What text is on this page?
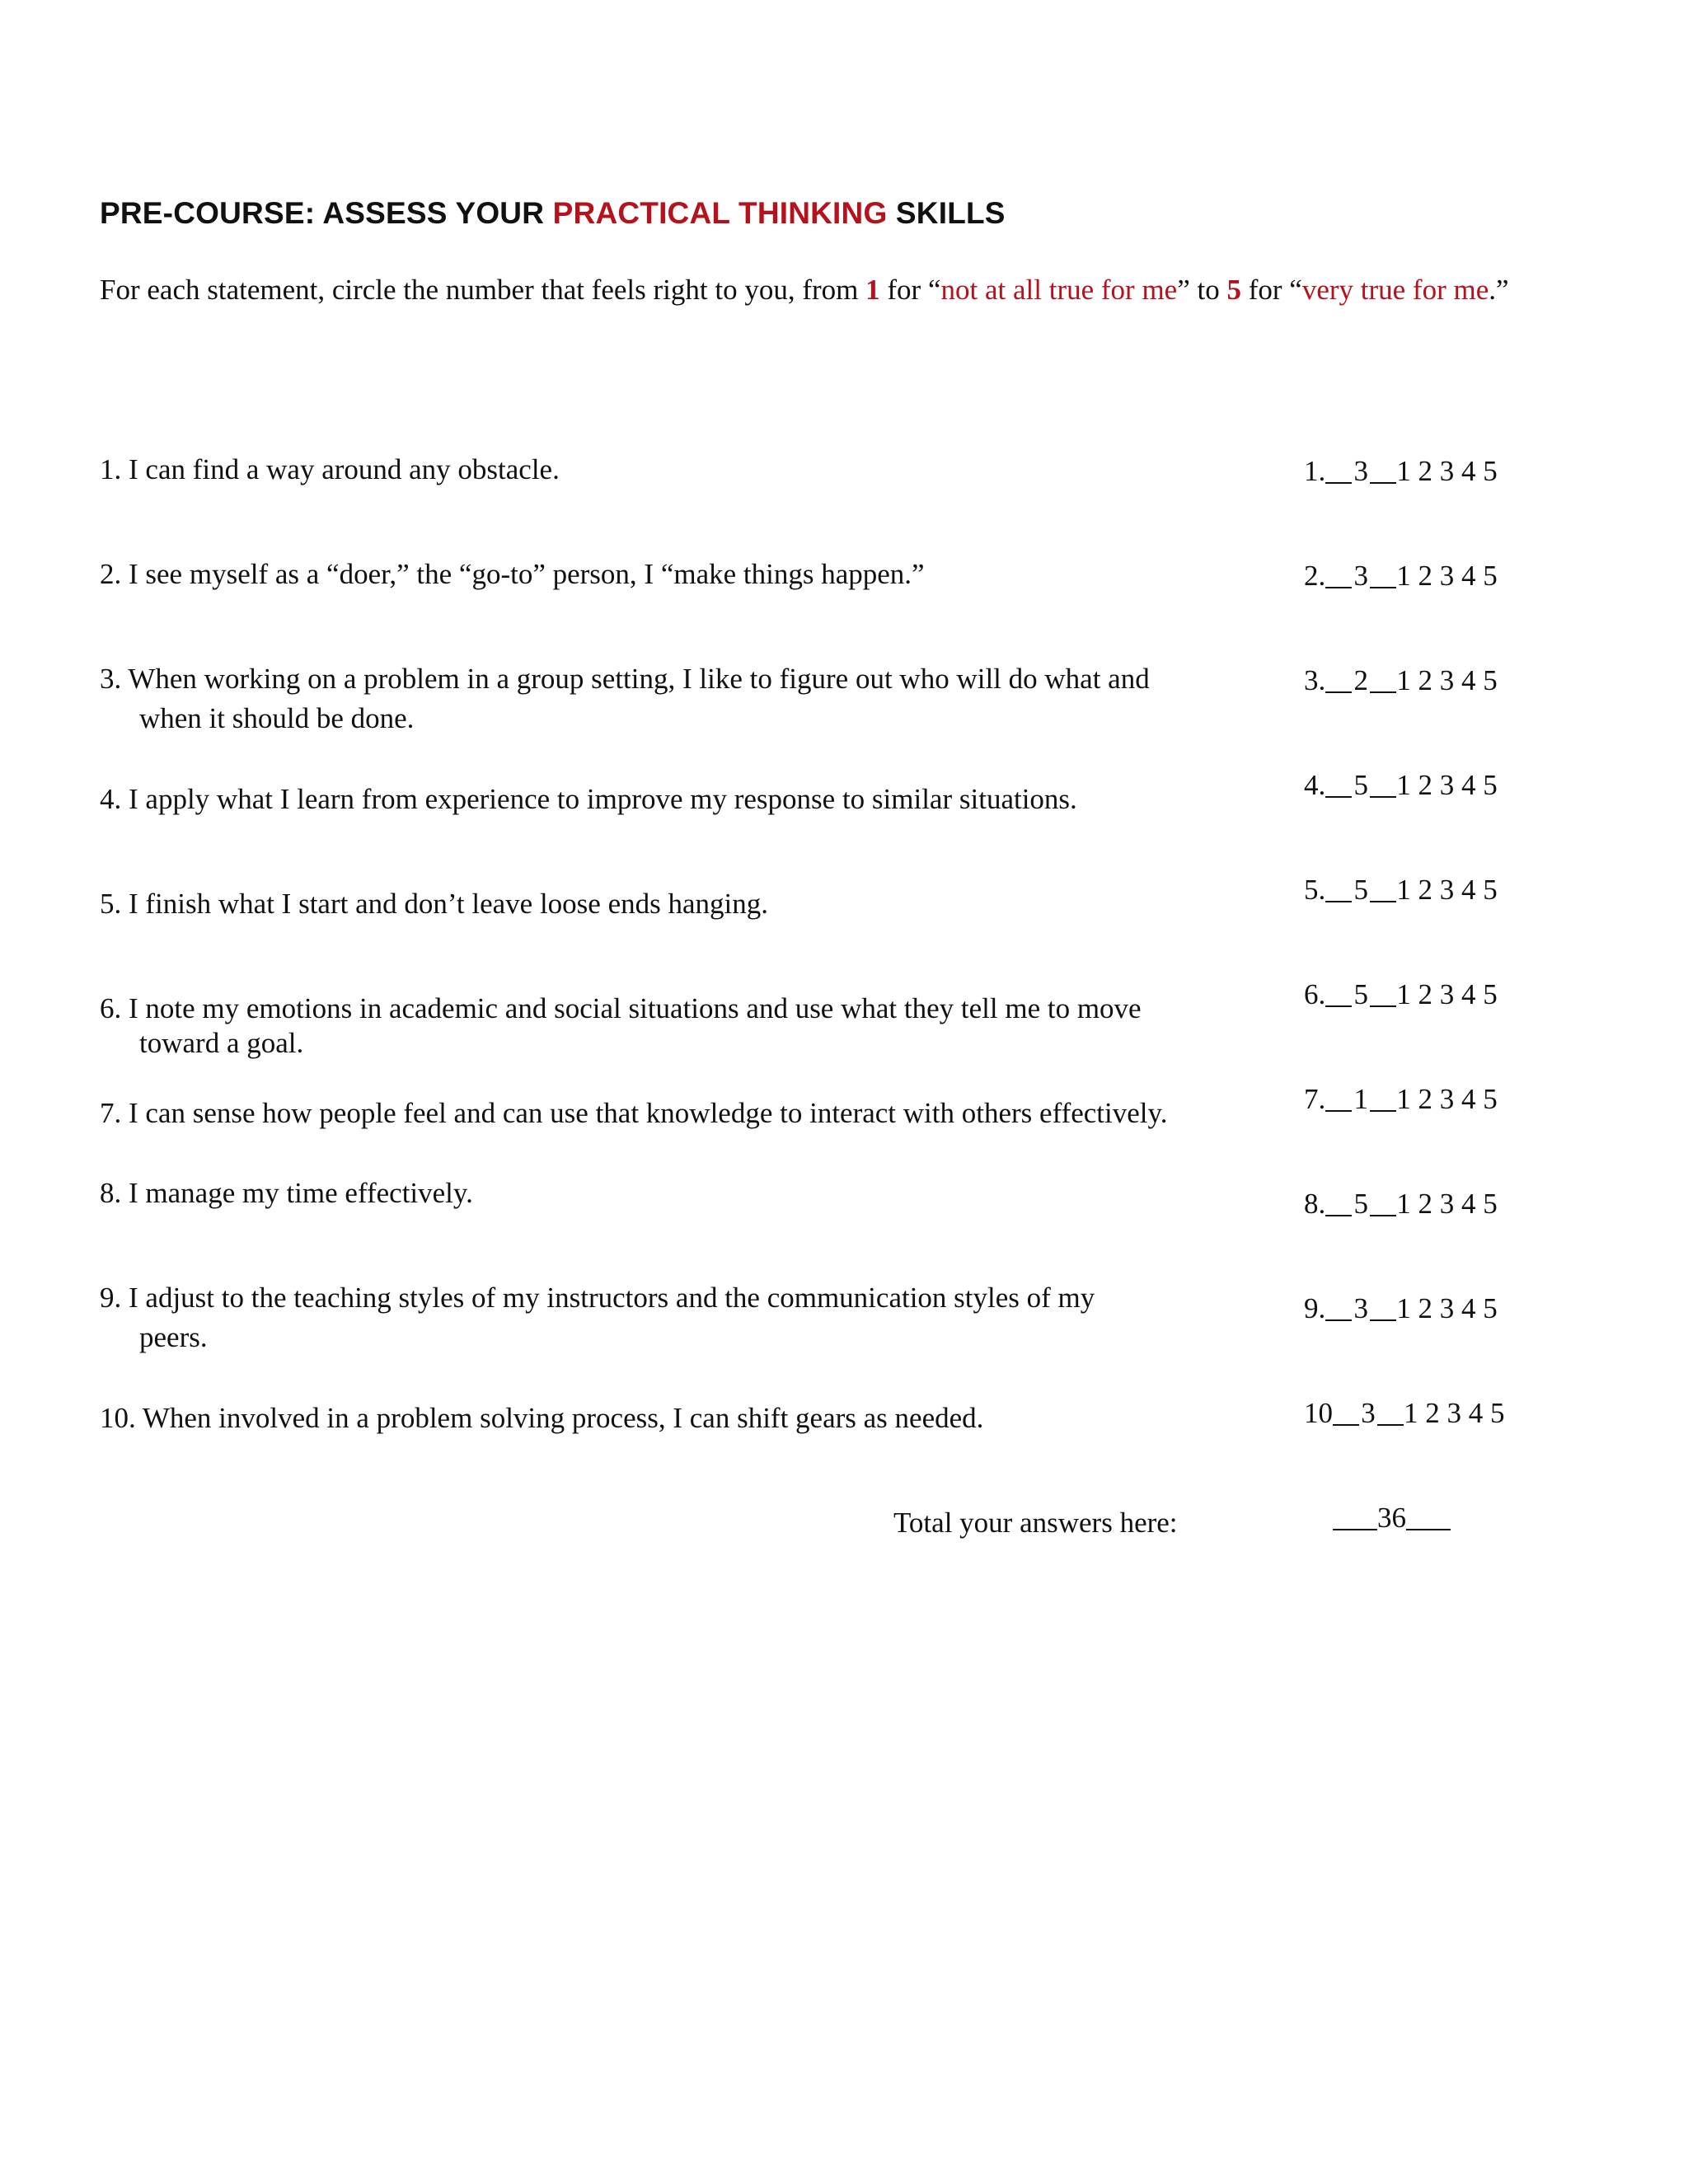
PRE-COURSE: ASSESS YOUR PRACTICAL THINKING SKILLS
For each statement, circle the number that feels right to you, from 1 for “not at all true for me” to 5 for “very true for me.”
1. I can find a way around any obstacle.
2. I see myself as a “doer,” the “go-to” person, I “make things happen.”
3. When working on a problem in a group setting, I like to figure out who will do what and
when it should be done.
4. I apply what I learn from experience to improve my response to similar situations.
5. I finish what I start and don’t leave loose ends hanging.
6. I note my emotions in academic and social situations and use what they tell me to move
toward a goal.
7. I can sense how people feel and can use that knowledge to interact with others effectively.
8. I manage my time effectively.
9. I adjust to the teaching styles of my instructors and the communication styles of my
peers.
10. When involved in a problem solving process, I can shift gears as needed.
1. 3 1 2 3 4 5
2. 3 1 2 3 4 5
3. 2 1 2 3 4 5
4. 5 1 2 3 4 5
5. 5 1 2 3 4 5
6. 5 1 2 3 4 5
7. 1 1 2 3 4 5
8. 5 1 2 3 4 5
9. 3 1 2 3 4 5
10 3 1 2 3 4 5
Total your answers here:	36
